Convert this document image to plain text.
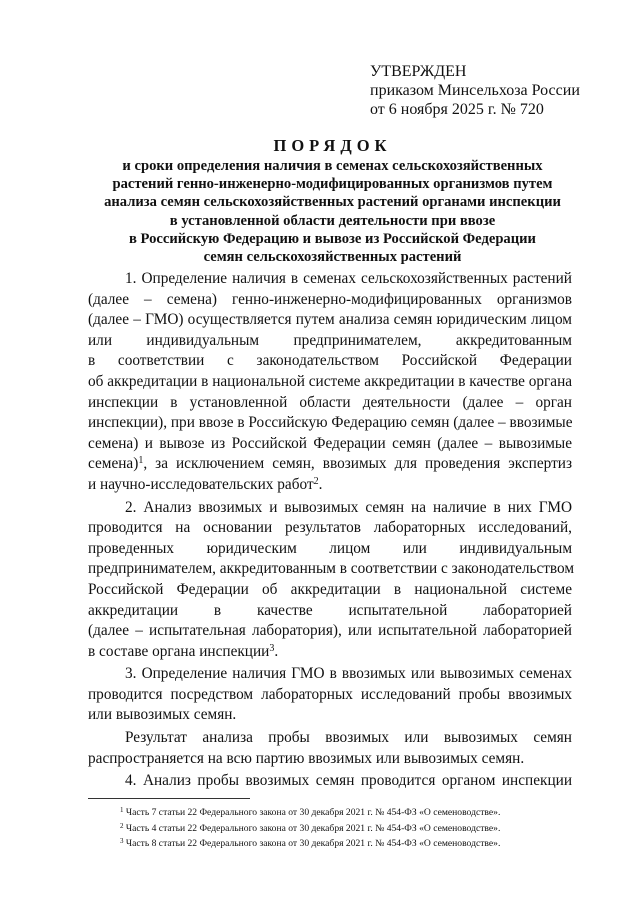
УТВЕРЖДЕН
приказом Минсельхоза России
от 6 ноября 2025 г. № 720
ПОРЯДОК
и сроки определения наличия в семенах сельскохозяйственных
растений генно-инженерно-модифицированных организмов путем
анализа семян сельскохозяйственных растений органами инспекции
в установленной области деятельности при ввозе
в Российскую Федерацию и вывозе из Российской Федерации
семян сельскохозяйственных растений
1. Определение наличия в семенах сельскохозяйственных растений
(далее – семена) генно-инженерно-модифицированных организмов
(далее – ГМО) осуществляется путем анализа семян юридическим лицом
или индивидуальным предпринимателем, аккредитованным
в соответствии с законодательством Российской Федерации
об аккредитации в национальной системе аккредитации в качестве органа
инспекции в установленной области деятельности (далее – орган
инспекции), при ввозе в Российскую Федерацию семян (далее – ввозимые
семена) и вывозе из Российской Федерации семян (далее – вывозимые
семена)$^1$, за исключением семян, ввозимых для проведения экспертиз
и научно-исследовательских работ$^2$.
2. Анализ ввозимых и вывозимых семян на наличие в них ГМО
проводится на основании результатов лабораторных исследований,
проведенных юридическим лицом или индивидуальным
предпринимателем, аккредитованным в соответствии с законодательством
Российской Федерации об аккредитации в национальной системе
аккредитации в качестве испытательной лабораторией
(далее – испытательная лаборатория), или испытательной лабораторией
в составе органа инспекции$^3$.
3. Определение наличия ГМО в ввозимых или вывозимых семенах
проводится посредством лабораторных исследований пробы ввозимых
или вывозимых семян.
Результат анализа пробы ввозимых или вывозимых семян
распространяется на всю партию ввозимых или вывозимых семян.
4. Анализ пробы ввозимых семян проводится органом инспекции
$^1$ Часть 7 статьи 22 Федерального закона от 30 декабря 2021 г. № 454-ФЗ «О семеноводстве».
$^2$ Часть 4 статьи 22 Федерального закона от 30 декабря 2021 г. № 454-ФЗ «О семеноводстве».
$^3$ Часть 8 статьи 22 Федерального закона от 30 декабря 2021 г. № 454-ФЗ «О семеноводстве».
